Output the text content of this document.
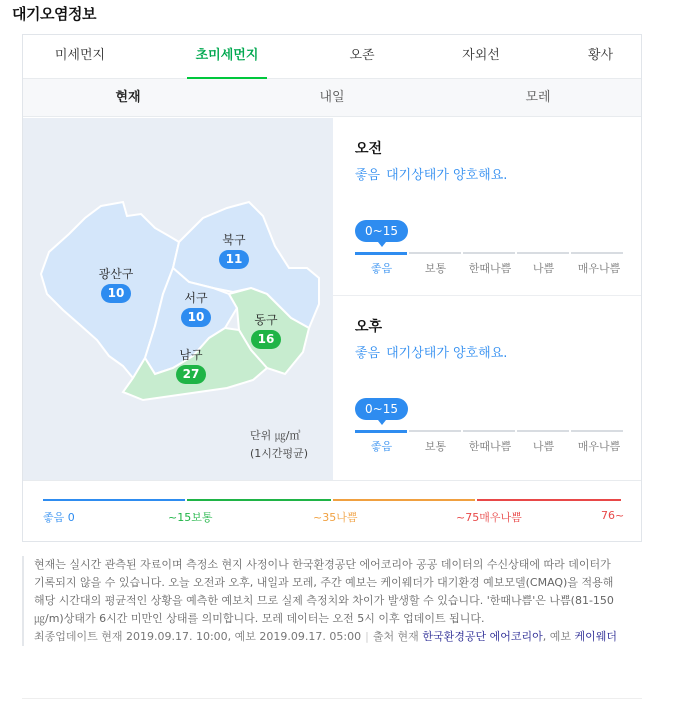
대기오염정보
미세먼지	초미세먼지	오존	자외선	황사
현재	내일	모레
광산구
10
북구
11
서구
10	동구
16
남구
27
단위 ㎍/㎥
(1시간평균)
오전
좋음 대기상태가 양호해요.
0~15
좋음	보통	한때나쁨	나쁨	매우나쁨
오후
좋음 대기상태가 양호해요.
0~15
좋음	보통	한때나쁨	나쁨	매우나쁨
좋음 0	~15보통	~35나쁨	~75매우나쁨	76~
현재는 실시간 관측된 자료이며 측정소 현지 사정이나 한국환경공단 에어코리아 공공 데이터의 수신상태에 따라 데이터가 기록되지 않을 수 있습니다. 오늘 오전과 오후, 내일과 모레, 주간 예보는 케이웨더가 대기환경 예보모델(CMAQ)을 적용해 해당 시간대의 평균적인 상황을 예측한 예보치 므로 실제 측정치와 차이가 발생할 수 있습니다. '한때나쁨'은 나쁨(81-150㎍/m)상태가 6시간 미만인 상태를 의미합니다. 모레 데이터는 오전 5시 이후 업데이트 됩니다.
최종업데이트 현재 2019.09.17. 10:00, 예보 2019.09.17. 05:00 | 출처 현재 한국환경공단 에어코리아, 예보 케이웨더
